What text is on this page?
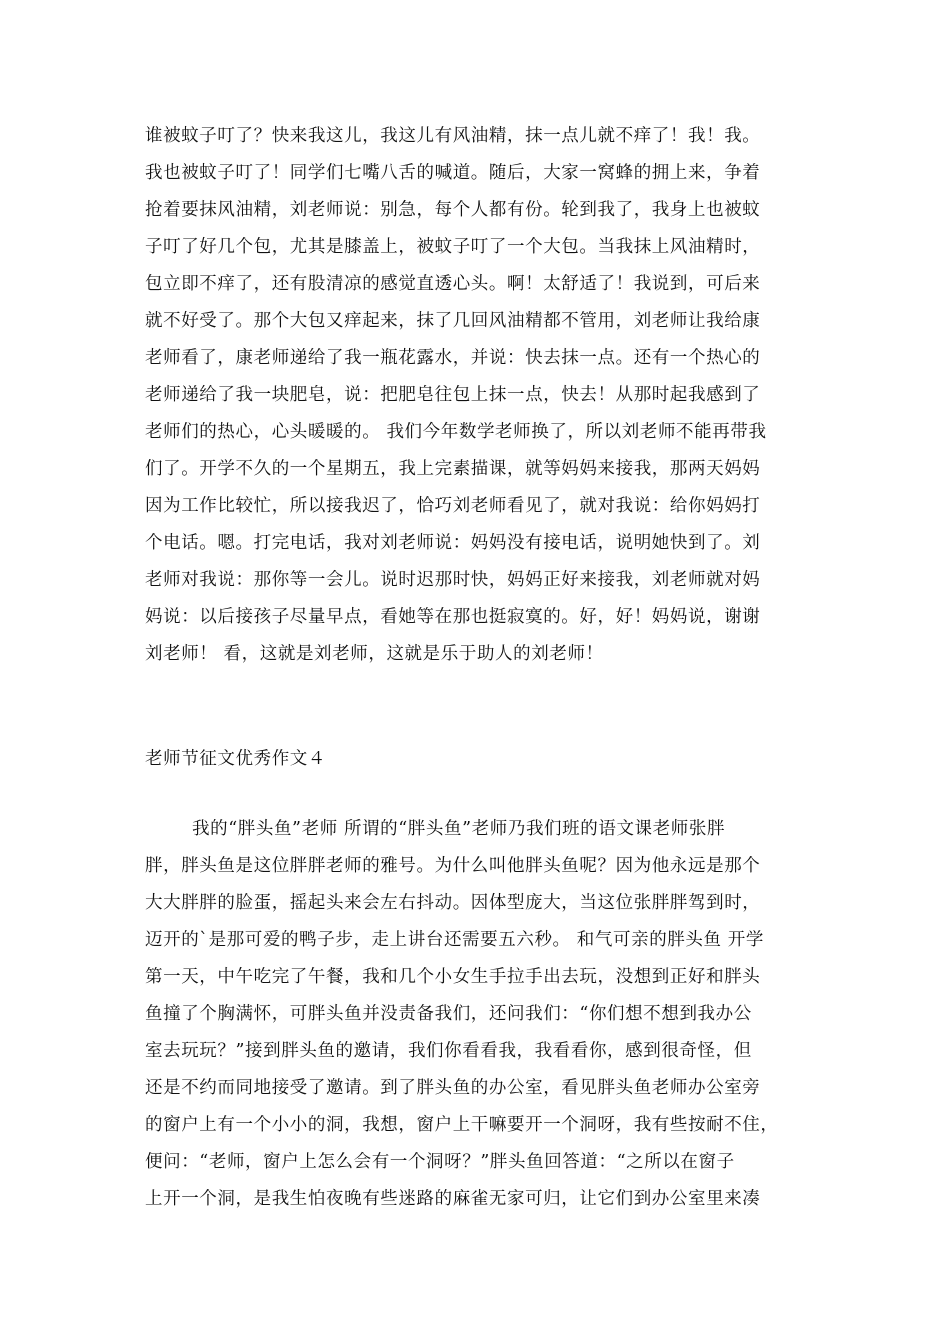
谁被蚊子叮了？快来我这儿，我这儿有风油精，抹一点儿就不痒了！我！我。
我也被蚊子叮了！同学们七嘴八舌的喊道。随后，大家一窝蜂的拥上来，争着
抢着要抹风油精，刘老师说：别急，每个人都有份。轮到我了，我身上也被蚊
子叮了好几个包，尤其是膝盖上，被蚊子叮了一个大包。当我抹上风油精时，
包立即不痒了，还有股清凉的感觉直透心头。啊！太舒适了！我说到，可后来
就不好受了。那个大包又痒起来，抹了几回风油精都不管用，刘老师让我给康
老师看了，康老师递给了我一瓶花露水，并说：快去抹一点。还有一个热心的
老师递给了我一块肥皂，说：把肥皂往包上抹一点，快去！从那时起我感到了
老师们的热心，心头暖暖的。 我们今年数学老师换了，所以刘老师不能再带我
们了。开学不久的一个星期五，我上完素描课，就等妈妈来接我，那两天妈妈
因为工作比较忙，所以接我迟了，恰巧刘老师看见了，就对我说：给你妈妈打
个电话。嗯。打完电话，我对刘老师说：妈妈没有接电话，说明她快到了。刘
老师对我说：那你等一会儿。说时迟那时快，妈妈正好来接我，刘老师就对妈
妈说：以后接孩子尽量早点，看她等在那也挺寂寞的。好，好！妈妈说，谢谢
刘老师！ 看，这就是刘老师，这就是乐于助人的刘老师！
老师节征文优秀作文４
我的“胖头鱼”老师 所谓的“胖头鱼”老师乃我们班的语文课老师张胖
胖，胖头鱼是这位胖胖老师的雅号。为什么叫他胖头鱼呢？因为他永远是那个
大大胖胖的脸蛋，摇起头来会左右抖动。因体型庞大，当这位张胖胖驾到时，
迈开的`是那可爱的鸭子步，走上讲台还需要五六秒。 和气可亲的胖头鱼 开学
第一天，中午吃完了午餐，我和几个小女生手拉手出去玩，没想到正好和胖头
鱼撞了个胸满怀，可胖头鱼并没责备我们，还问我们：“你们想不想到我办公
室去玩玩？”接到胖头鱼的邀请，我们你看看我，我看看你，感到很奇怪，但
还是不约而同地接受了邀请。到了胖头鱼的办公室，看见胖头鱼老师办公室旁
的窗户上有一个小小的洞，我想，窗户上干嘛要开一个洞呀，我有些按耐不住，
便问：“老师，窗户上怎么会有一个洞呀？”胖头鱼回答道：“之所以在窗子
上开一个洞，是我生怕夜晚有些迷路的麻雀无家可归，让它们到办公室里来凑
